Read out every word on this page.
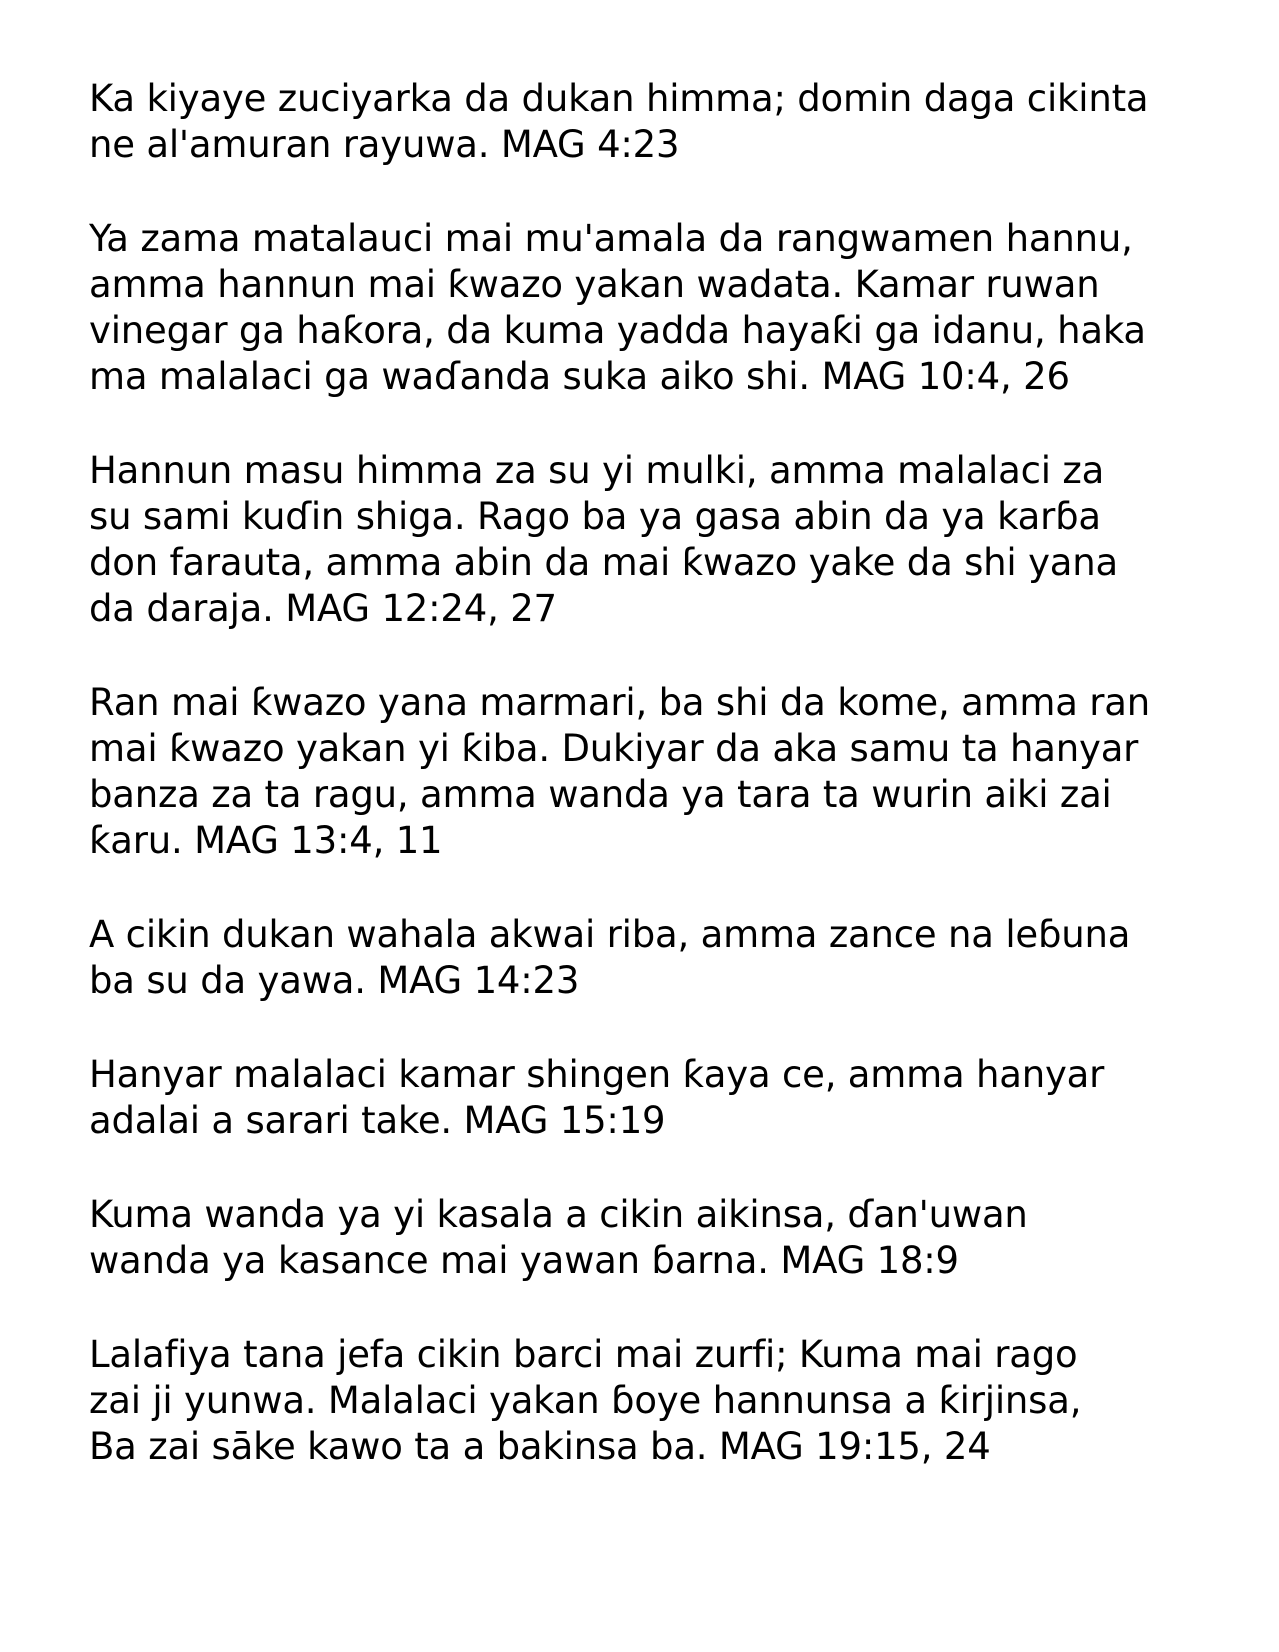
Ka kiyaye zuciyarka da dukan himma; domin daga cikinta
ne al'amuran rayuwa. MAG 4:23

Ya zama matalauci mai mu'amala da rangwamen hannu,
amma hannun mai ƙwazo yakan wadata. Kamar ruwan
vinegar ga haƙora, da kuma yadda hayaƙi ga idanu, haka
ma malalaci ga waɗanda suka aiko shi. MAG 10:4, 26

Hannun masu himma za su yi mulki, amma malalaci za
su sami kuɗin shiga. Rago ba ya gasa abin da ya karɓa
don farauta, amma abin da mai ƙwazo yake da shi yana
da daraja. MAG 12:24, 27

Ran mai ƙwazo yana marmari, ba shi da kome, amma ran
mai ƙwazo yakan yi ƙiba. Dukiyar da aka samu ta hanyar
banza za ta ragu, amma wanda ya tara ta wurin aiki zai
ƙaru. MAG 13:4, 11

A cikin dukan wahala akwai riba, amma zance na leɓuna
ba su da yawa. MAG 14:23

Hanyar malalaci kamar shingen ƙaya ce, amma hanyar
adalai a sarari take. MAG 15:19

Kuma wanda ya yi kasala a cikin aikinsa, ɗan'uwan
wanda ya kasance mai yawan ɓarna. MAG 18:9

Lalafiya tana jefa cikin barci mai zurfi; Kuma mai rago
zai ji yunwa. Malalaci yakan ɓoye hannunsa a ƙirjinsa,
Ba zai sāke kawo ta a bakinsa ba. MAG 19:15, 24
